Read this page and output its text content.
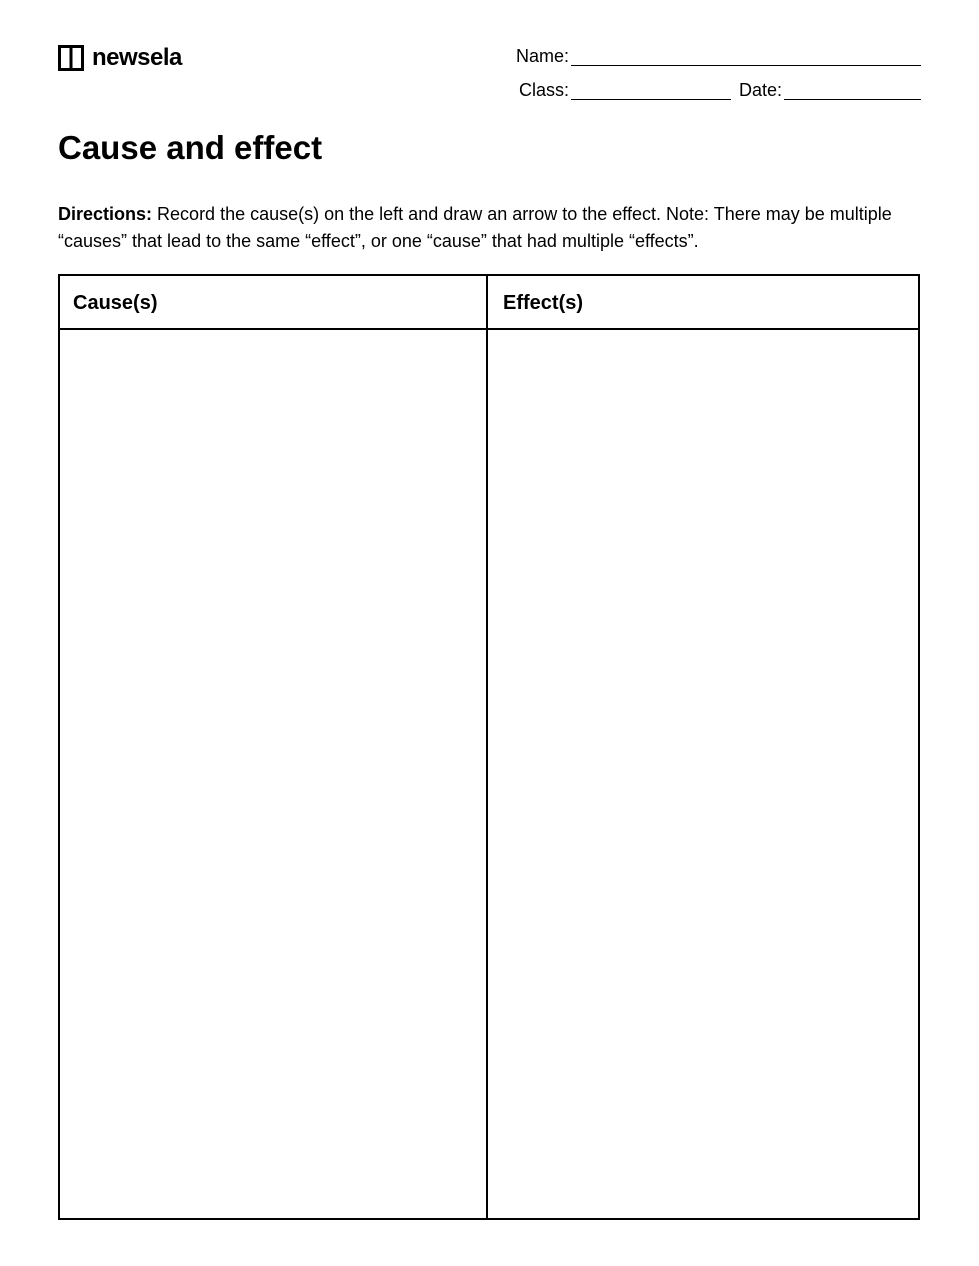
newsela	Name:
Class:	Date:
Cause and effect

Directions: Record the cause(s) on the left and draw an arrow to the effect. Note: There may be multiple “causes” that lead to the same “effect”, or one “cause” that had multiple “effects”.

Cause(s)	Effect(s)
